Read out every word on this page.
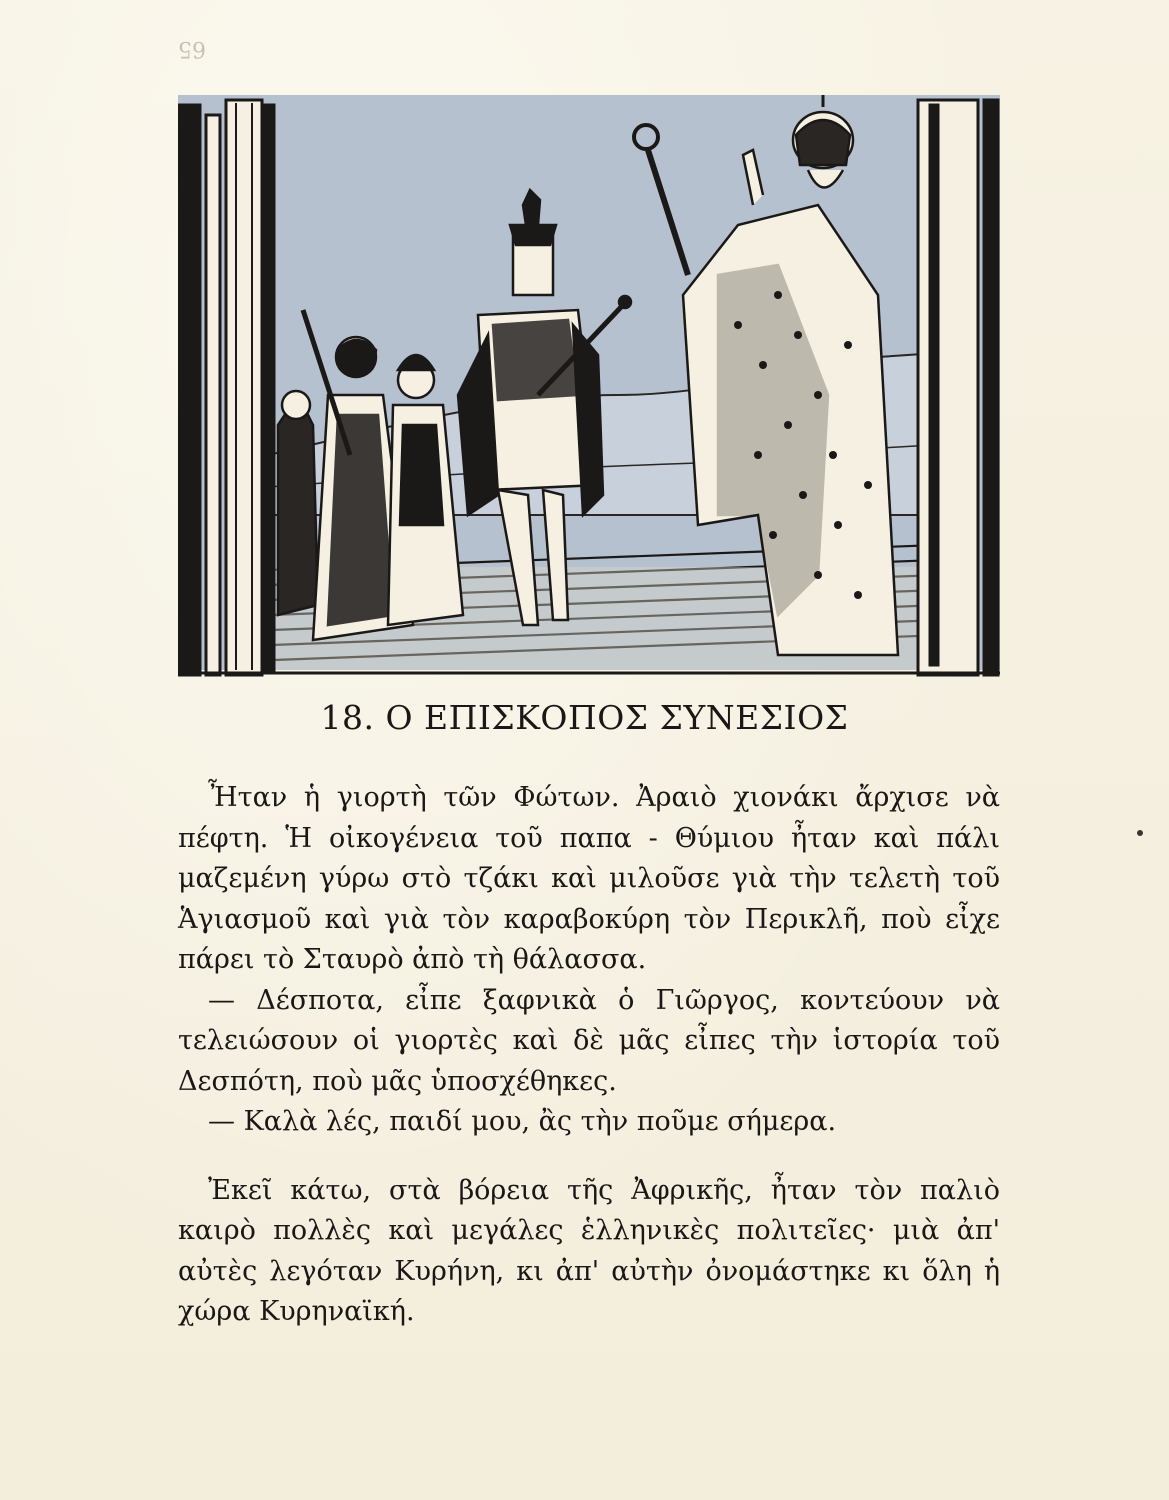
65
18. Ο ΕΠΙΣΚΟΠΟΣ ΣΥΝΕΣΙΟΣ

Ἦταν ἡ γιορτὴ τῶν Φώτων. Ἀραιὸ χιονάκι ἄρχισε νὰ πέφτη. Ἡ οἰκογένεια τοῦ παπα - Θύμιου ἦταν καὶ πάλι μαζεμένη γύρω στὸ τζάκι καὶ μιλοῦσε γιὰ τὴν τελετὴ τοῦ Ἁγιασμοῦ καὶ γιὰ τὸν καραβοκύρη τὸν Περικλῆ, ποὺ εἶχε πάρει τὸ Σταυρὸ ἀπὸ τὴ θάλασσα.

— Δέσποτα, εἶπε ξαφνικὰ ὁ Γιῶργος, κοντεύουν νὰ τελειώσουν οἱ γιορτὲς καὶ δὲ μᾶς εἶπες τὴν ἱστορία τοῦ Δεσπότη, ποὺ μᾶς ὑποσχέθηκες.

— Καλὰ λές, παιδί μου, ἂς τὴν ποῦμε σήμερα.

Ἐκεῖ κάτω, στὰ βόρεια τῆς Ἀφρικῆς, ἦταν τὸν παλιὸ καιρὸ πολλὲς καὶ μεγάλες ἑλληνικὲς πολιτεῖες· μιὰ ἀπ' αὐτὲς λεγόταν Κυρήνη, κι ἀπ' αὐτὴν ὀνομάστηκε κι ὅλη ἡ χώρα Κυρηναϊκή.
